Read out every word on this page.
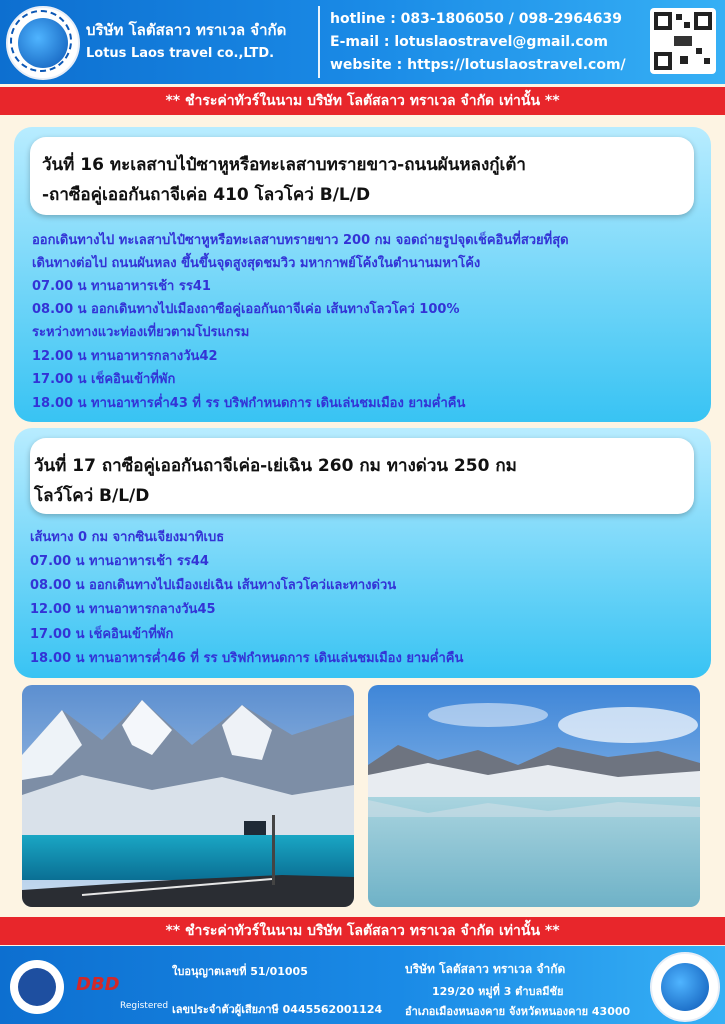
บริษัท โลตัสลาว ทราเวล จำกัด
Lotus Laos travel co.,LTD.
hotline : 083-1806050 / 098-2964639
E-mail : lotuslaostravel@gmail.com
website : https://lotuslaostravel.com/
** ชำระค่าทัวร์ในนาม บริษัท โลตัสลาว ทราเวล จำกัด เท่านั้น **
วันที่ 16 ทะเลสาบไป๋ซาหูหรือทะเลสาบทรายขาว-ถนนผันหลงกู๋เต้า
-ถาซือคู่เออกันถาจีเค่อ 410 โลวโคว่ B/L/D
ออกเดินทางไป ทะเลสาบไป๋ซาหูหรือทะเลสาบทรายขาว 200 กม จอดถ่ายรูปจุดเช็คอินที่สวยที่สุด
เดินทางต่อไป ถนนผันหลง ขึ้นขึ้นจุดสูงสุดชมวิว มหากาพย์โค้งในตำนานมหาโค้ง
07.00 น ทานอาหารเช้า รร41
08.00 น ออกเดินทางไปเมืองถาซือคู่เออกันถาจีเค่อ เส้นทางโลวโคว่ 100%
ระหว่างทางแวะท่องเที่ยวตามโปรแกรม
12.00 น ทานอาหารกลางวัน42
17.00 น เช็คอินเข้าที่พัก
18.00 น ทานอาหารค่ำ43 ที่ รร บริฟกำหนดการ เดินเล่นชมเมือง ยามค่ำคืน
วันที่ 17 ถาซือคู่เออกันถาจีเค่อ-เย่เฉิน 260 กม ทางด่วน 250 กม
โลว์โคว่ B/L/D
เส้นทาง 0 กม จากซินเจียงมาทิเบธ
07.00 น ทานอาหารเช้า รร44
08.00 น ออกเดินทางไปเมืองเย่เฉิน เส้นทางโลวโคว่และทางด่วน
12.00 น ทานอาหารกลางวัน45
17.00 น เช็คอินเข้าที่พัก
18.00 น ทานอาหารค่ำ46 ที่ รร บริฟกำหนดการ เดินเล่นชมเมือง ยามค่ำคืน
** ชำระค่าทัวร์ในนาม บริษัท โลตัสลาว ทราเวล จำกัด เท่านั้น **
DBD
ใบอนุญาตเลขที่ 51/01005
Registered เลขประจำตัวผู้เสียภาษี 0445562001124
บริษัท โลตัสลาว ทราเวล จำกัด
129/20 หมู่ที่ 3 ตำบลมีชัย
อำเภอเมืองหนองคาย จังหวัดหนองคาย 43000
